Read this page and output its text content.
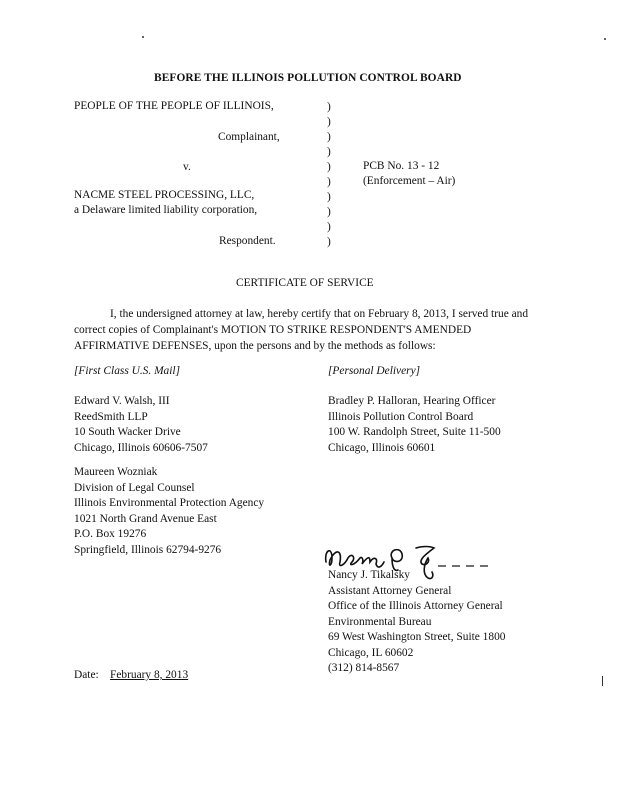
BEFORE THE ILLINOIS POLLUTION CONTROL BOARD
PEOPLE OF THE PEOPLE OF ILLINOIS,
Complainant,
v.
NACME STEEL PROCESSING, LLC,
a Delaware limited liability corporation,
Respondent.
)
)
)
)
)
)
)
)
)
)
PCB No. 13 - 12
(Enforcement – Air)
CERTIFICATE OF SERVICE

I, the undersigned attorney at law, hereby certify that on February 8, 2013, I served true and correct copies of Complainant's MOTION TO STRIKE RESPONDENT'S AMENDED AFFIRMATIVE DEFENSES, upon the persons and by the methods as follows:

[First Class U.S. Mail]	[Personal Delivery]
Edward V. Walsh, III
ReedSmith LLP
10 South Wacker Drive
Chicago, Illinois 60606-7507
Bradley P. Halloran, Hearing Officer
Illinois Pollution Control Board
100 W. Randolph Street, Suite 11-500
Chicago, Illinois 60601
Maureen Wozniak
Division of Legal Counsel
Illinois Environmental Protection Agency
1021 North Grand Avenue East
P.O. Box 19276
Springfield, Illinois 62794-9276
Nancy J. Tikalsky
Assistant Attorney General
Office of the Illinois Attorney General
Environmental Bureau
69 West Washington Street, Suite 1800
Chicago, IL 60602
(312) 814-8567
Date: February 8, 2013
